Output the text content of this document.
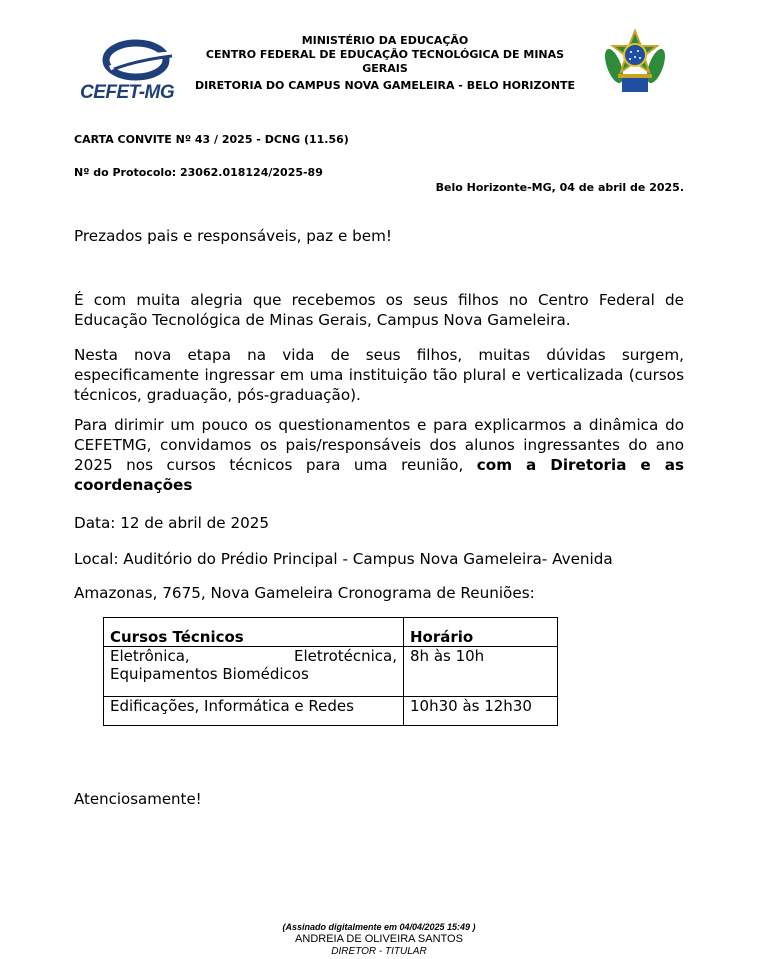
CEFET-MG
MINISTÉRIO DA EDUCAÇÃO
CENTRO FEDERAL DE EDUCAÇÃO TECNOLÓGICA DE MINAS
GERAIS
DIRETORIA DO CAMPUS NOVA GAMELEIRA - BELO HORIZONTE
CARTA CONVITE Nº 43 / 2025 - DCNG (11.56)
Nº do Protocolo: 23062.018124/2025-89
Belo Horizonte-MG, 04 de abril de 2025.
Prezados pais e responsáveis, paz e bem!
É com muita alegria que recebemos os seus filhos no Centro Federal de Educação Tecnológica de Minas Gerais, Campus Nova Gameleira.
Nesta nova etapa na vida de seus filhos, muitas dúvidas surgem, especificamente ingressar em uma instituição tão plural e verticalizada (cursos técnicos, graduação, pós-graduação).
Para dirimir um pouco os questionamentos e para explicarmos a dinâmica do CEFETMG, convidamos os pais/responsáveis dos alunos ingressantes do ano 2025 nos cursos técnicos para uma reunião, com a Diretoria e as coordenações
Data: 12 de abril de 2025
Local: Auditório do Prédio Principal - Campus Nova Gameleira- Avenida
Amazonas, 7675, Nova Gameleira Cronograma de Reuniões:
Cursos Técnicos	Horário

Eletrônica, Eletrotécnica,
Equipamentos Biomédicos	8h às 10h
Edificações, Informática e Redes	10h30 às 12h30
Atenciosamente!
(Assinado digitalmente em 04/04/2025 15:49 )
ANDREIA DE OLIVEIRA SANTOS
DIRETOR - TITULAR
